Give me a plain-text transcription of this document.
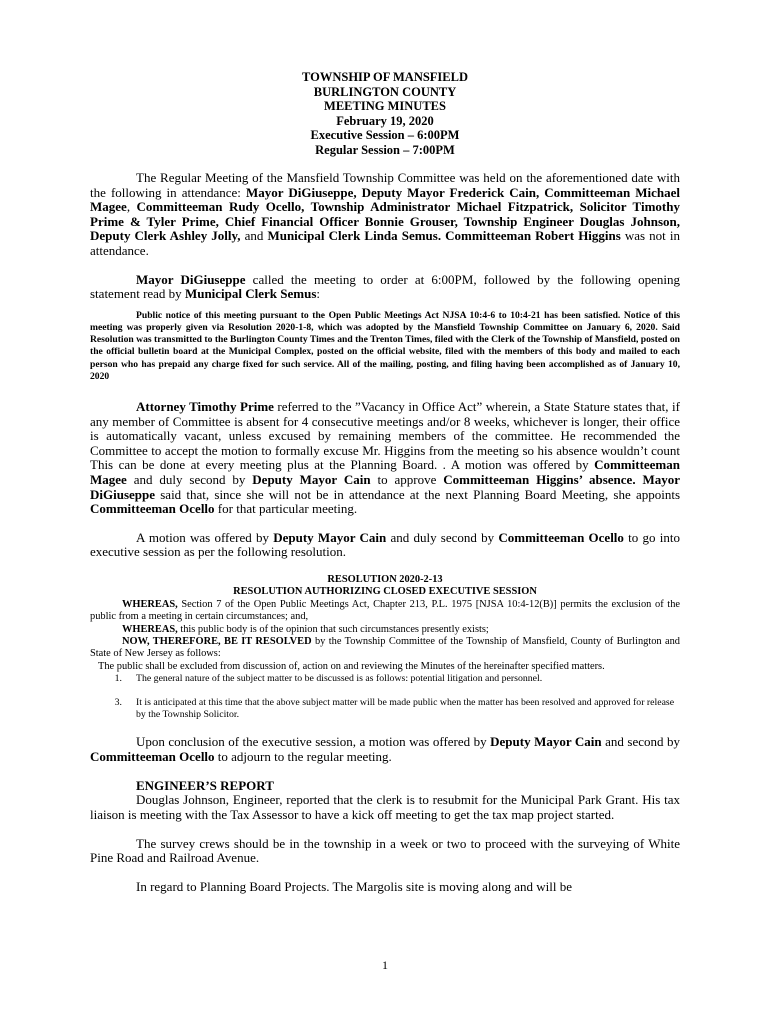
TOWNSHIP OF MANSFIELD
BURLINGTON COUNTY
MEETING MINUTES
February 19, 2020
Executive Session – 6:00PM
Regular Session – 7:00PM

The Regular Meeting of the Mansfield Township Committee was held on the aforementioned date with the following in attendance: Mayor DiGiuseppe, Deputy Mayor Frederick Cain, Committeeman Michael Magee, Committeeman Rudy Ocello, Township Administrator Michael Fitzpatrick, Solicitor Timothy Prime & Tyler Prime, Chief Financial Officer Bonnie Grouser, Township Engineer Douglas Johnson, Deputy Clerk Ashley Jolly, and Municipal Clerk Linda Semus. Committeeman Robert Higgins was not in attendance.

Mayor DiGiuseppe called the meeting to order at 6:00PM, followed by the following opening statement read by Municipal Clerk Semus:

Public notice of this meeting pursuant to the Open Public Meetings Act NJSA 10:4-6 to 10:4-21 has been satisfied. Notice of this meeting was properly given via Resolution 2020-1-8, which was adopted by the Mansfield Township Committee on January 6, 2020. Said Resolution was transmitted to the Burlington County Times and the Trenton Times, filed with the Clerk of the Township of Mansfield, posted on the official bulletin board at the Municipal Complex, posted on the official website, filed with the members of this body and mailed to each person who has prepaid any charge fixed for such service. All of the mailing, posting, and filing having been accomplished as of January 10, 2020

Attorney Timothy Prime referred to the ”Vacancy in Office Act” wherein, a State Stature states that, if any member of Committee is absent for 4 consecutive meetings and/or 8 weeks, whichever is longer, their office is automatically vacant, unless excused by remaining members of the committee. He recommended the Committee to accept the motion to formally excuse Mr. Higgins from the meeting so his absence wouldn’t count This can be done at every meeting plus at the Planning Board. . A motion was offered by Committeeman Magee and duly second by Deputy Mayor Cain to approve Committeeman Higgins’ absence. Mayor DiGiuseppe said that, since she will not be in attendance at the next Planning Board Meeting, she appoints Committeeman Ocello for that particular meeting.

A motion was offered by Deputy Mayor Cain and duly second by Committeeman Ocello to go into executive session as per the following resolution.

RESOLUTION 2020-2-13
RESOLUTION AUTHORIZING CLOSED EXECUTIVE SESSION

WHEREAS, Section 7 of the Open Public Meetings Act, Chapter 213, P.L. 1975 [NJSA 10:4-12(B)] permits the exclusion of the public from a meeting in certain circumstances; and,

WHEREAS, this public body is of the opinion that such circumstances presently exists;

NOW, THEREFORE, BE IT RESOLVED by the Township Committee of the Township of Mansfield, County of Burlington and State of New Jersey as follows:

The public shall be excluded from discussion of, action on and reviewing the Minutes of the hereinafter specified matters.

1.	The general nature of the subject matter to be discussed is as follows: potential litigation and personnel.
3.	It is anticipated at this time that the above subject matter will be made public when the matter has been resolved and approved for release by the Township Solicitor.

Upon conclusion of the executive session, a motion was offered by Deputy Mayor Cain and second by Committeeman Ocello to adjourn to the regular meeting.

ENGINEER’S REPORT

Douglas Johnson, Engineer, reported that the clerk is to resubmit for the Municipal Park Grant. His tax liaison is meeting with the Tax Assessor to have a kick off meeting to get the tax map project started.

The survey crews should be in the township in a week or two to proceed with the surveying of White Pine Road and Railroad Avenue.

In regard to Planning Board Projects. The Margolis site is moving along and will be

1
